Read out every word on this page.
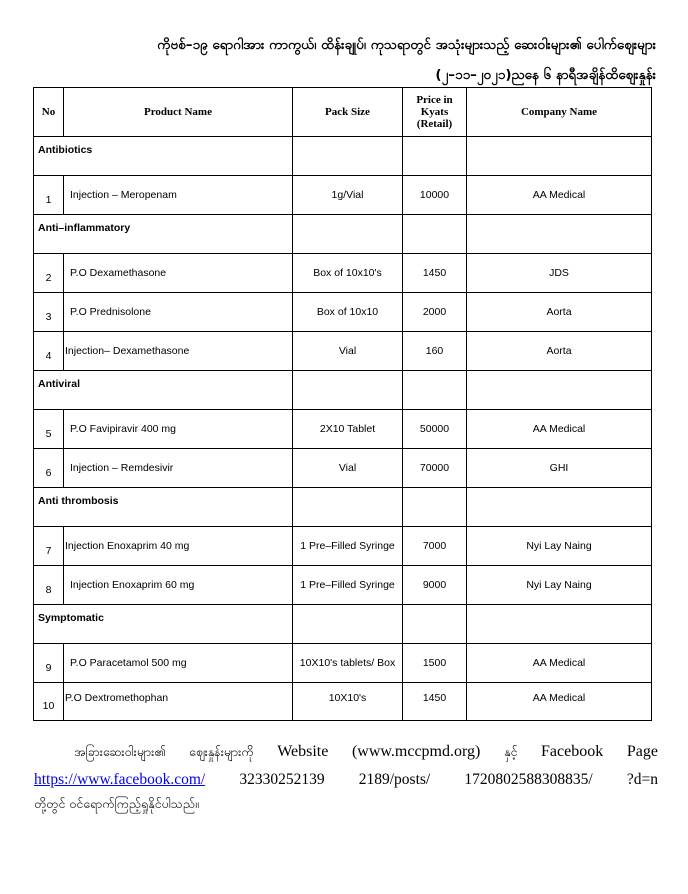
ကိုဗစ်–၁၉ ရောဂါအား ကာကွယ်၊ ထိန်းချုပ်၊ ကုသရာတွင် အသုံးများသည့် ဆေးဝါးများ၏ ပေါက်ဈေးများ
(၂–၁၁–၂၀၂၁)ညနေ ၆ နာရီအချိန်ထိဈေးနှုန်း
No	Product Name	Pack Size	Price in Kyats (Retail)	Company Name
Antibiotics				
1	Injection – Meropenam	1g/Vial	10000	AA Medical
Anti–inflammatory				
2	P.O Dexamethasone	Box of 10x10's	1450	JDS
3	P.O Prednisolone	Box of 10x10	2000	Aorta
4	Injection– Dexamethasone	Vial	160	Aorta
Antiviral				
5	P.O Favipiravir 400 mg	2X10 Tablet	50000	AA Medical
6	Injection – Remdesivir	Vial	70000	GHI
Anti thrombosis				
7	Injection Enoxaprim 40 mg	1 Pre–Filled Syringe	7000	Nyi Lay Naing
8	Injection Enoxaprim 60 mg	1 Pre–Filled Syringe	9000	Nyi Lay Naing
Symptomatic				
9	P.O Paracetamol 500 mg	10X10's tablets/ Box	1500	AA Medical
10	P.O Dextromethophan	10X10's	1450	AA Medical
အခြားဆေးဝါးများ၏ ဈေးနှုန်းများကို Website (www.mccpmd.org) နှင့် Facebook Page
https://www.facebook.com/ 32330252139 2189/posts/ 1720802588308835/ ?d=n
တို့တွင် ဝင်ရောက်ကြည့်ရှုနိုင်ပါသည်။
